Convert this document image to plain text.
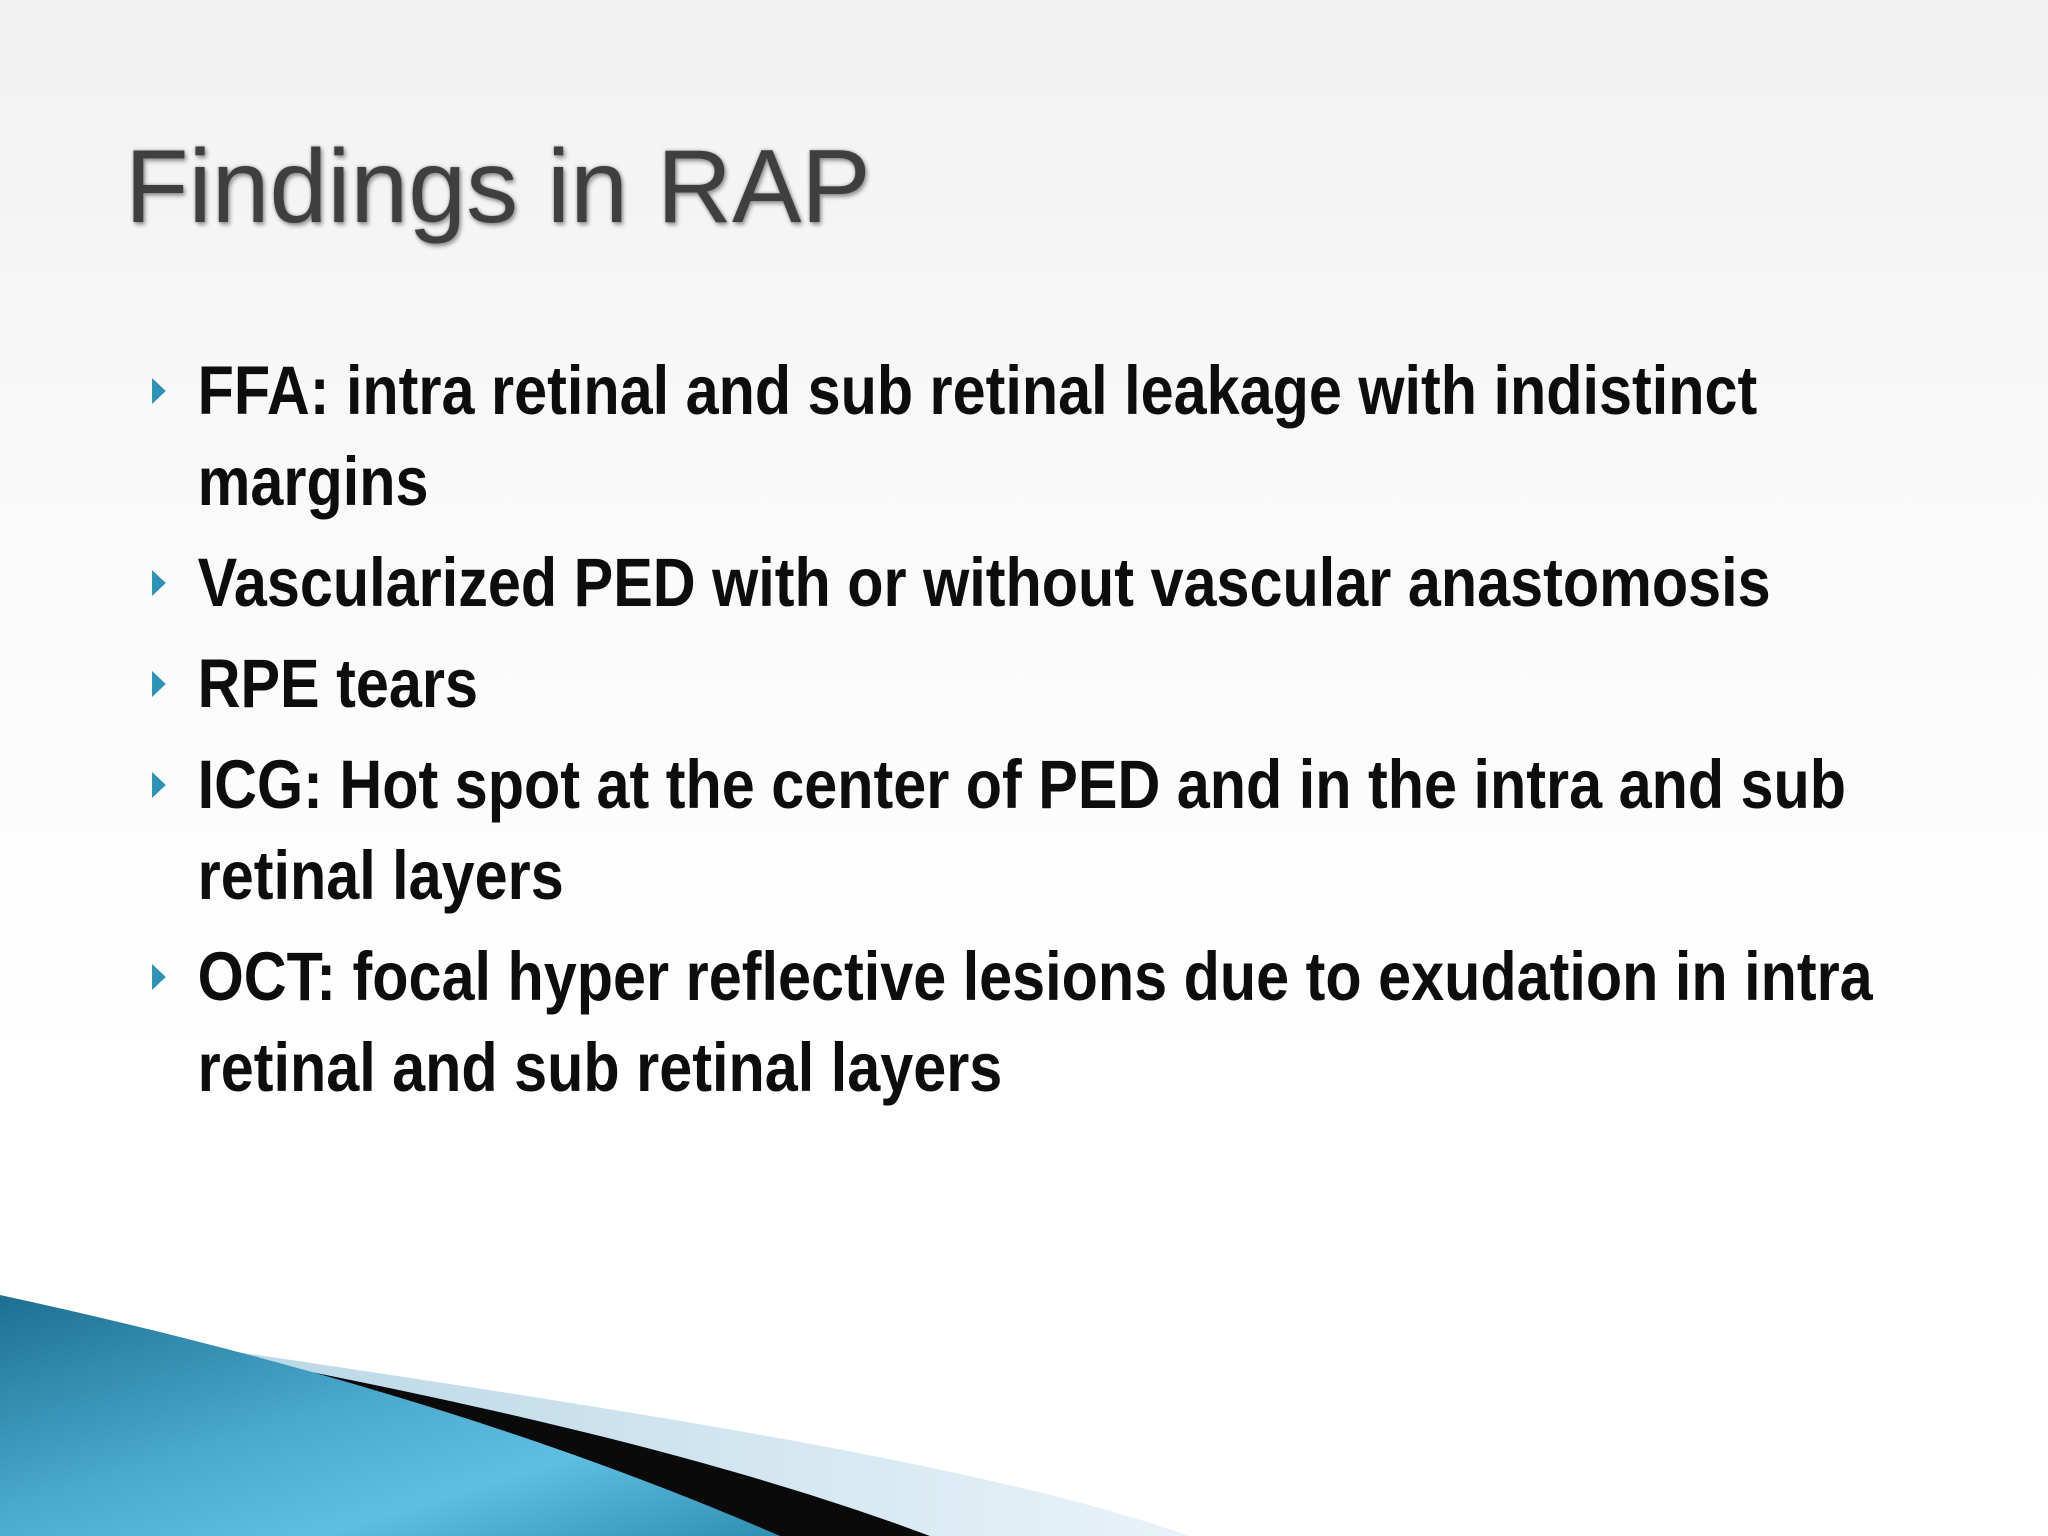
Findings in RAP
FFA: intra retinal and sub retinal leakage with indistinct margins
Vascularized PED with or without vascular anastomosis
RPE tears
ICG: Hot spot at the center of PED and in the intra and sub retinal layers
OCT: focal hyper reflective lesions due to exudation in intra retinal and sub retinal layers
